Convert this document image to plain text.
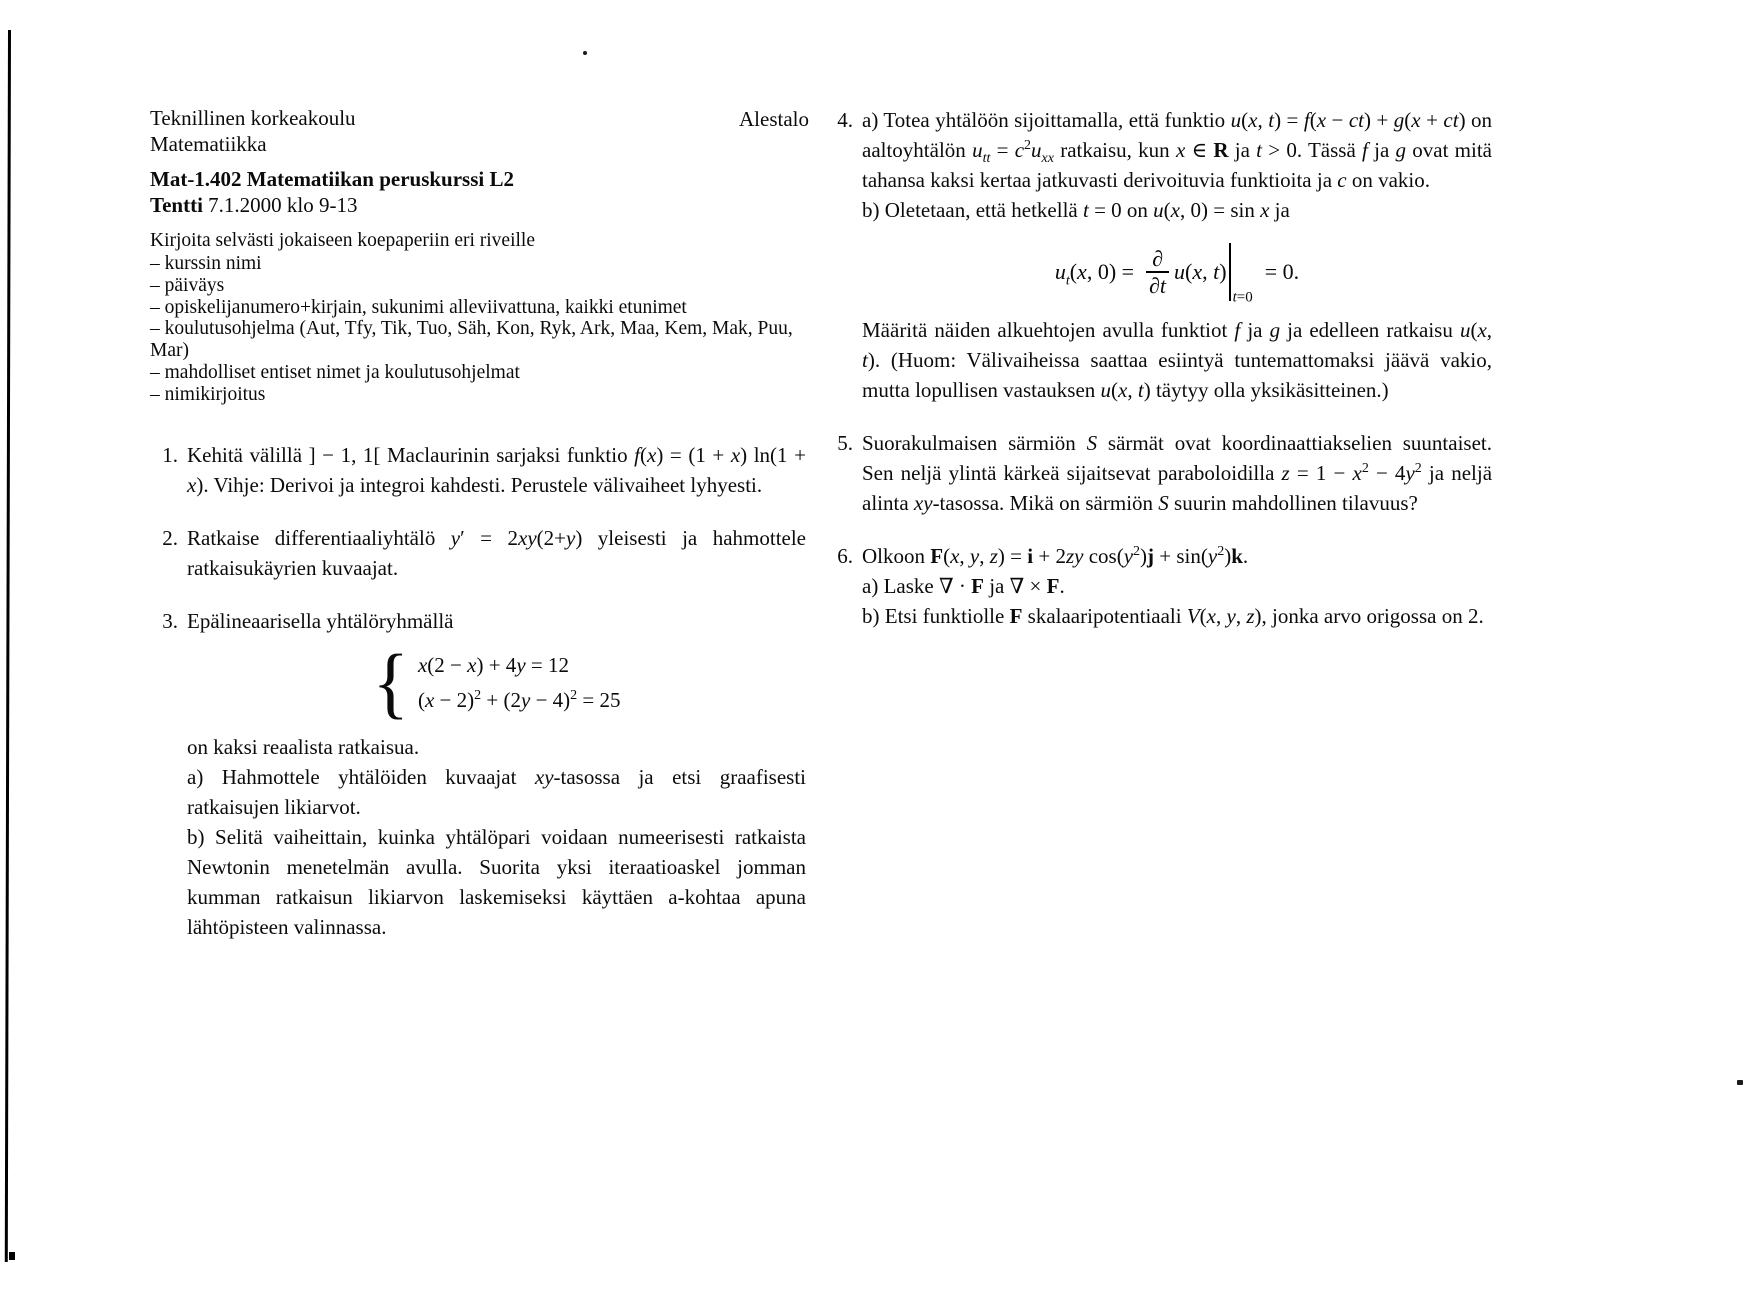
Alestalo
Teknillinen korkeakoulu
Matematiikka
Mat-1.402 Matematiikan peruskurssi L2
Tentti 7.1.2000 klo 9-13
Kirjoita selvästi jokaiseen koepaperiin eri riveille
– kurssin nimi
– päiväys
– opiskelijanumero+kirjain, sukunimi alleviivattuna, kaikki etunimet
– koulutusohjelma (Aut, Tfy, Tik, Tuo, Säh, Kon, Ryk, Ark, Maa, Kem, Mak, Puu, Mar)
– mahdolliset entiset nimet ja koulutusohjelmat
– nimikirjoitus
1. Kehitä välillä ] − 1, 1[ Maclaurinin sarjaksi funktio f(x) = (1 + x) ln(1 + x). Vihje: Derivoi ja integroi kahdesti. Perustele välivaiheet lyhyesti.

2. Ratkaise differentiaaliyhtälö y′ = 2xy(2+y) yleisesti ja hahmottele ratkaisukäyrien kuvaajat.

3. Epälineaarisella yhtälöryhmällä

{ x(2 − x) + 4y = 12
$(x - 2)^2 + (2y - 4)^2 = 25$

on kaksi reaalista ratkaisua.

a) Hahmottele yhtälöiden kuvaajat xy-tasossa ja etsi graafisesti ratkaisujen likiarvot.

b) Selitä vaiheittain, kuinka yhtälöpari voidaan numeerisesti ratkaista Newtonin menetelmän avulla. Suorita yksi iteraatioaskel jomman kumman ratkaisun likiarvon laskemiseksi käyttäen a-kohtaa apuna lähtöpisteen valinnassa.

4. a) Totea yhtälöön sijoittamalla, että funktio u(x, t) = f(x − ct) + g(x + ct) on aaltoyhtälön $u_{tt} = c^2u_{xx}$ ratkaisu, kun x ∈ R ja t > 0. Tässä f ja g ovat mitä tahansa kaksi kertaa jatkuvasti derivoituvia funktioita ja c on vakio.

b) Oletetaan, että hetkellä t = 0 on u(x, 0) = sin x ja

$u_t(x$, $0) = \frac{\partial}{\partial t} u(x$, t)
t=0
= 0.

Määritä näiden alkuehtojen avulla funktiot f ja g ja edelleen ratkaisu u(x, t). (Huom: Välivaiheissa saattaa esiintyä tuntemattomaksi jäävä vakio, mutta lopullisen vastauksen u(x, t) täytyy olla yksikäsitteinen.)

5. Suorakulmaisen särmiön S särmät ovat koordinaattiakselien suuntaiset. Sen neljä ylintä kärkeä sijaitsevat paraboloidilla $z = 1 - x^2 - 4y^2$ ja neljä alinta xy-tasossa. Mikä on särmiön S suurin mahdollinen tilavuus?

6. Olkoon F(x, y, z) = i + 2zy $\cos(y^2)j + \sin(y^2)k$.

a) Laske ∇ · F ja ∇ × F.

b) Etsi funktiolle F skalaaripotentiaali V(x, y, z), jonka arvo origossa on 2.
